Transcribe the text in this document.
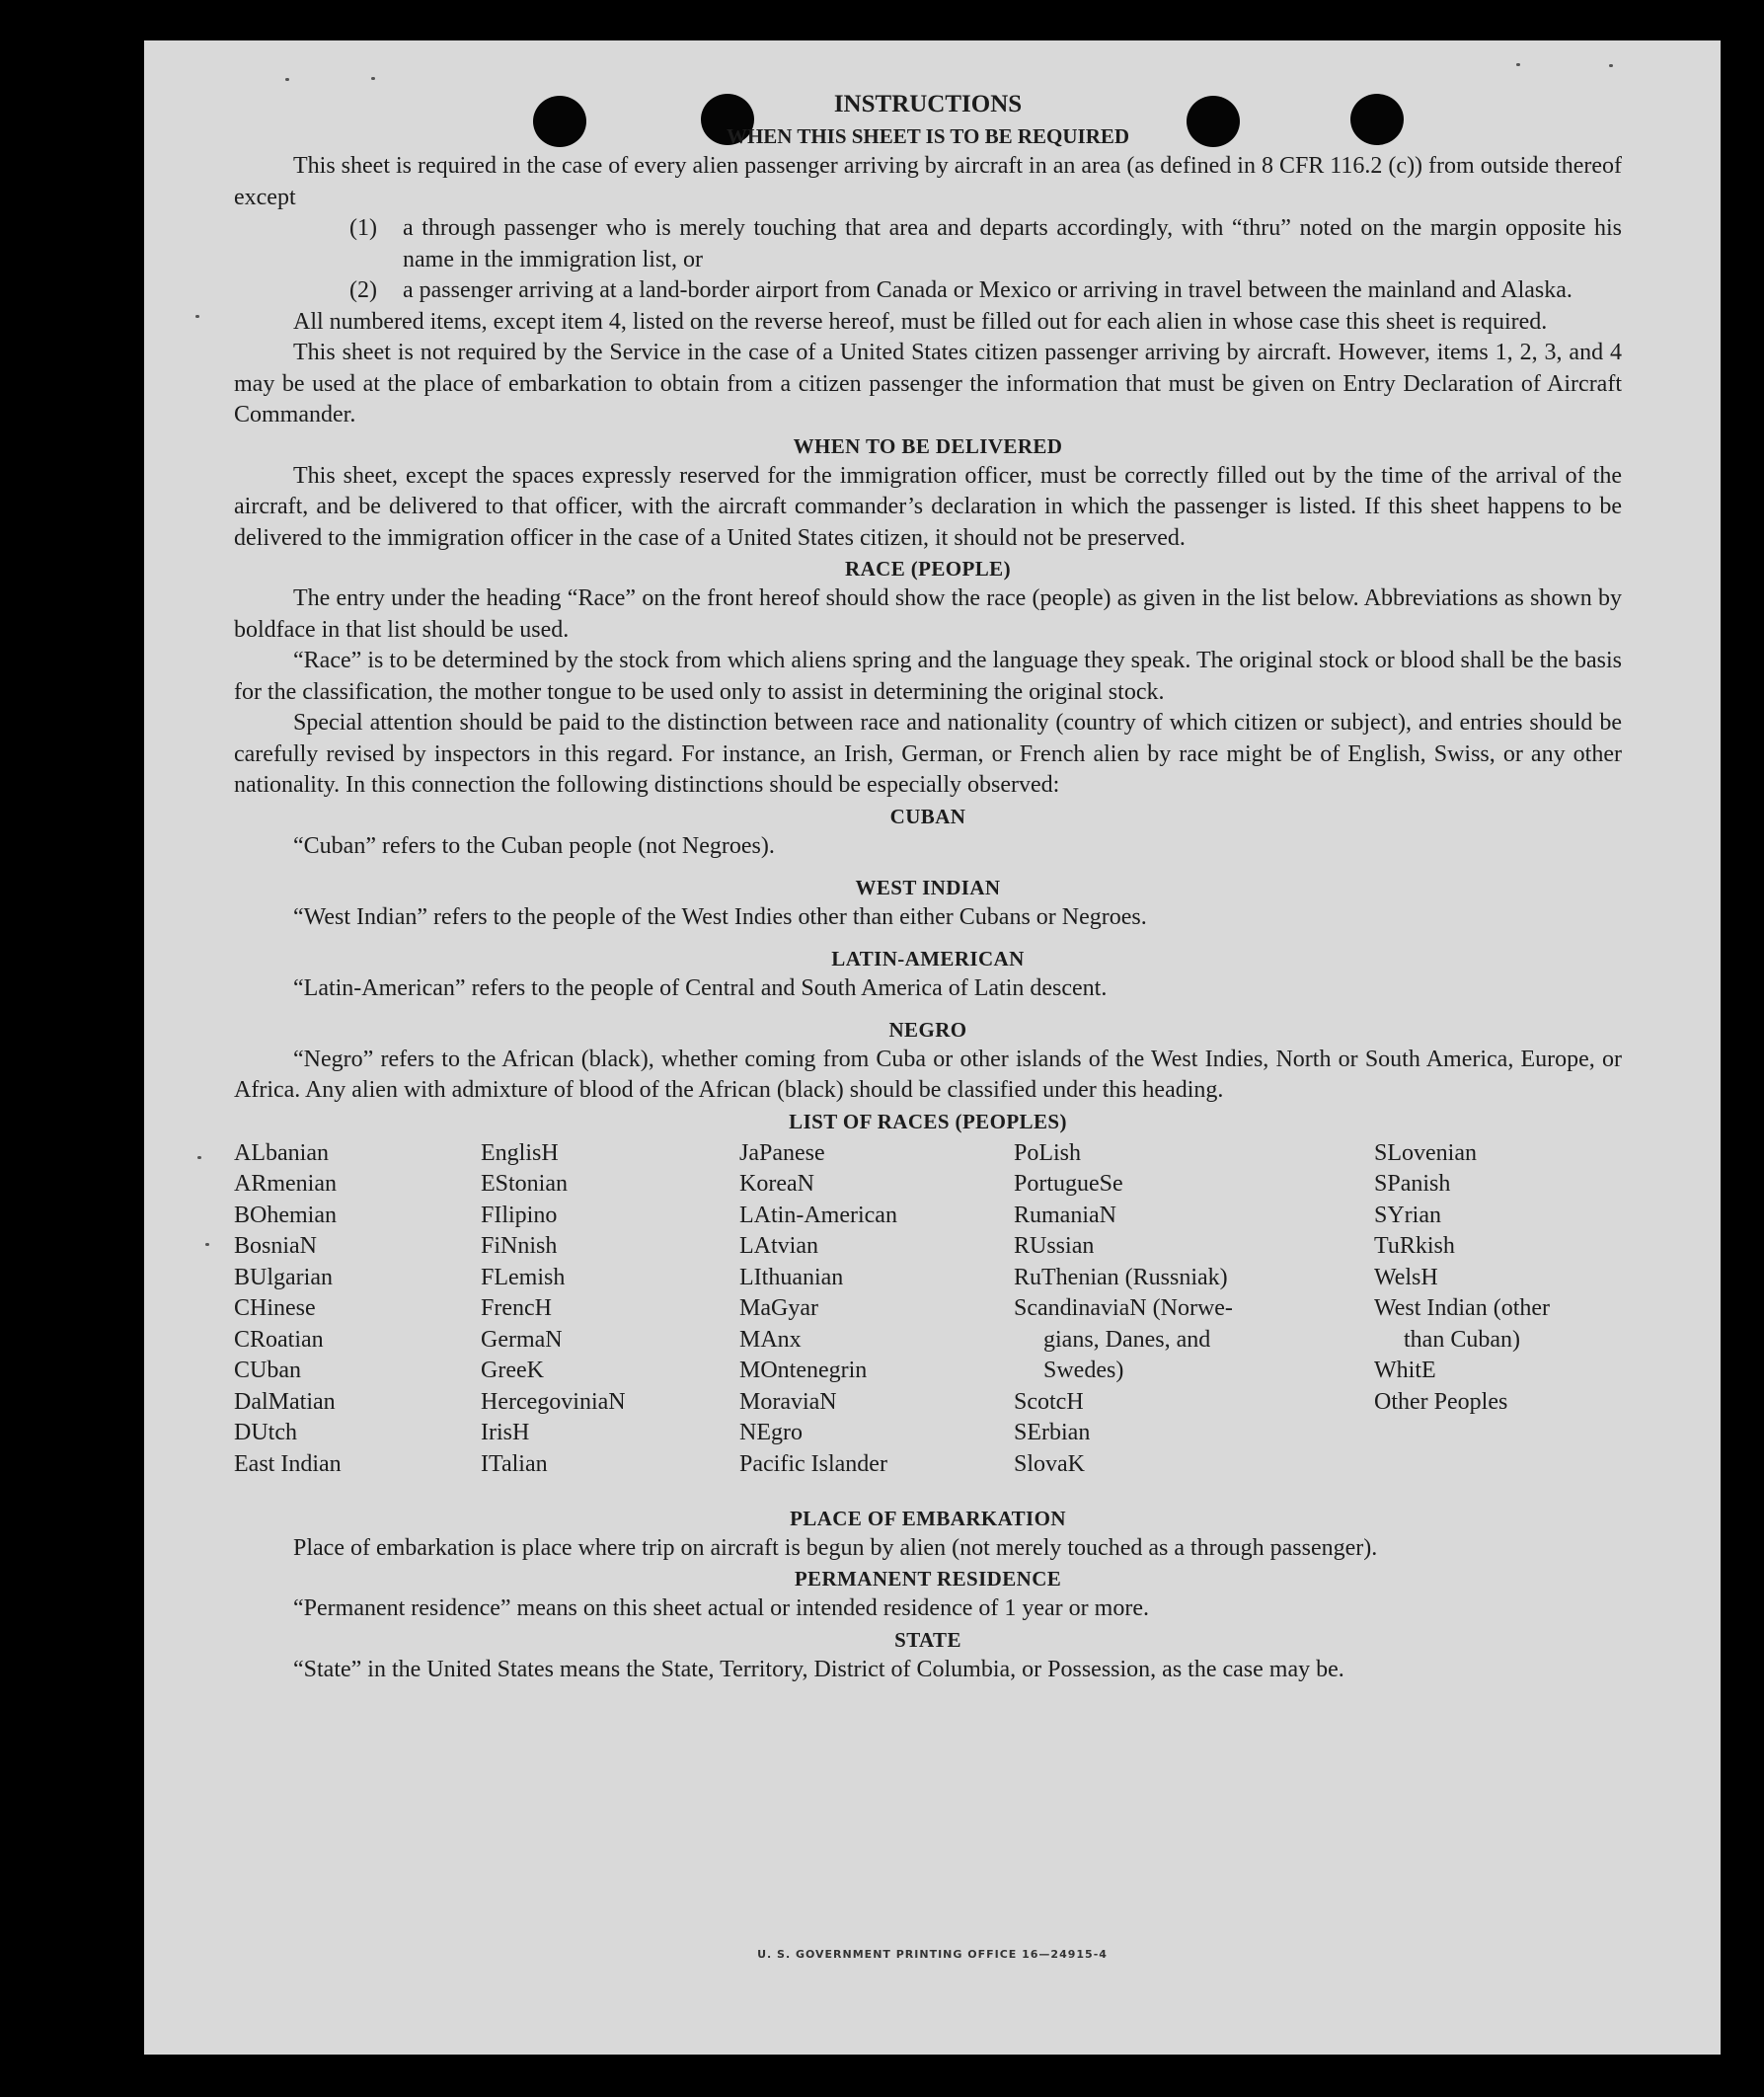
INSTRUCTIONS
WHEN THIS SHEET IS TO BE REQUIRED

This sheet is required in the case of every alien passenger arriving by aircraft in an area (as defined in 8 CFR 116.2 (c)) from outside thereof except

(1)	a through passenger who is merely touching that area and departs accordingly, with “thru” noted on the margin opposite his name in the immigration list, or
(2)	a passenger arriving at a land-border airport from Canada or Mexico or arriving in travel between the mainland and Alaska.

All numbered items, except item 4, listed on the reverse hereof, must be filled out for each alien in whose case this sheet is required.

This sheet is not required by the Service in the case of a United States citizen passenger arriving by aircraft. However, items 1, 2, 3, and 4 may be used at the place of embarkation to obtain from a citizen passenger the information that must be given on Entry Declaration of Aircraft Commander.

WHEN TO BE DELIVERED

This sheet, except the spaces expressly reserved for the immigration officer, must be correctly filled out by the time of the arrival of the aircraft, and be delivered to that officer, with the aircraft commander’s declaration in which the passenger is listed. If this sheet happens to be delivered to the immigration officer in the case of a United States citizen, it should not be preserved.

RACE (PEOPLE)

The entry under the heading “Race” on the front hereof should show the race (people) as given in the list below. Abbreviations as shown by boldface in that list should be used.

“Race” is to be determined by the stock from which aliens spring and the language they speak. The original stock or blood shall be the basis for the classification, the mother tongue to be used only to assist in determining the original stock.

Special attention should be paid to the distinction between race and nationality (country of which citizen or subject), and entries should be carefully revised by inspectors in this regard. For instance, an Irish, German, or French alien by race might be of English, Swiss, or any other nationality. In this connection the following distinctions should be especially observed:

CUBAN
“Cuban” refers to the Cuban people (not Negroes).
WEST INDIAN
“West Indian” refers to the people of the West Indies other than either Cubans or Negroes.
LATIN-AMERICAN
“Latin-American” refers to the people of Central and South America of Latin descent.
NEGRO

“Negro” refers to the African (black), whether coming from Cuba or other islands of the West Indies, North or South America, Europe, or Africa. Any alien with admixture of blood of the African (black) should be classified under this heading.

LIST OF RACES (PEOPLES)
ALbanian
ARmenian
BOhemian
BosniaN
BUlgarian
CHinese
CRoatian
CUban
DalMatian
DUtch
East Indian
EnglisH
EStonian
FIlipino
FiNnish
FLemish
FrencH
GermaN
GreeK
HercegoviniaN
IrisH
ITalian
JaPanese
KoreaN
LAtin-American
LAtvian
LIthuanian
MaGyar
MAnx
MOntenegrin
MoraviaN
NEgro
Pacific Islander
PoLish
PortugueSe
RumaniaN
RUssian
RuThenian (Russniak)
ScandinaviaN (Norwe-
gians, Danes, and
Swedes)
ScotcH
SErbian
SlovaK
SLovenian
SPanish
SYrian
TuRkish
WelsH
West Indian (other
than Cuban)
WhitE
Other Peoples
PLACE OF EMBARKATION

Place of embarkation is place where trip on aircraft is begun by alien (not merely touched as a through passenger).

PERMANENT RESIDENCE

“Permanent residence” means on this sheet actual or intended residence of 1 year or more.

STATE

“State” in the United States means the State, Territory, District of Columbia, or Possession, as the case may be.

U. S. GOVERNMENT PRINTING OFFICE 16—24915-4
